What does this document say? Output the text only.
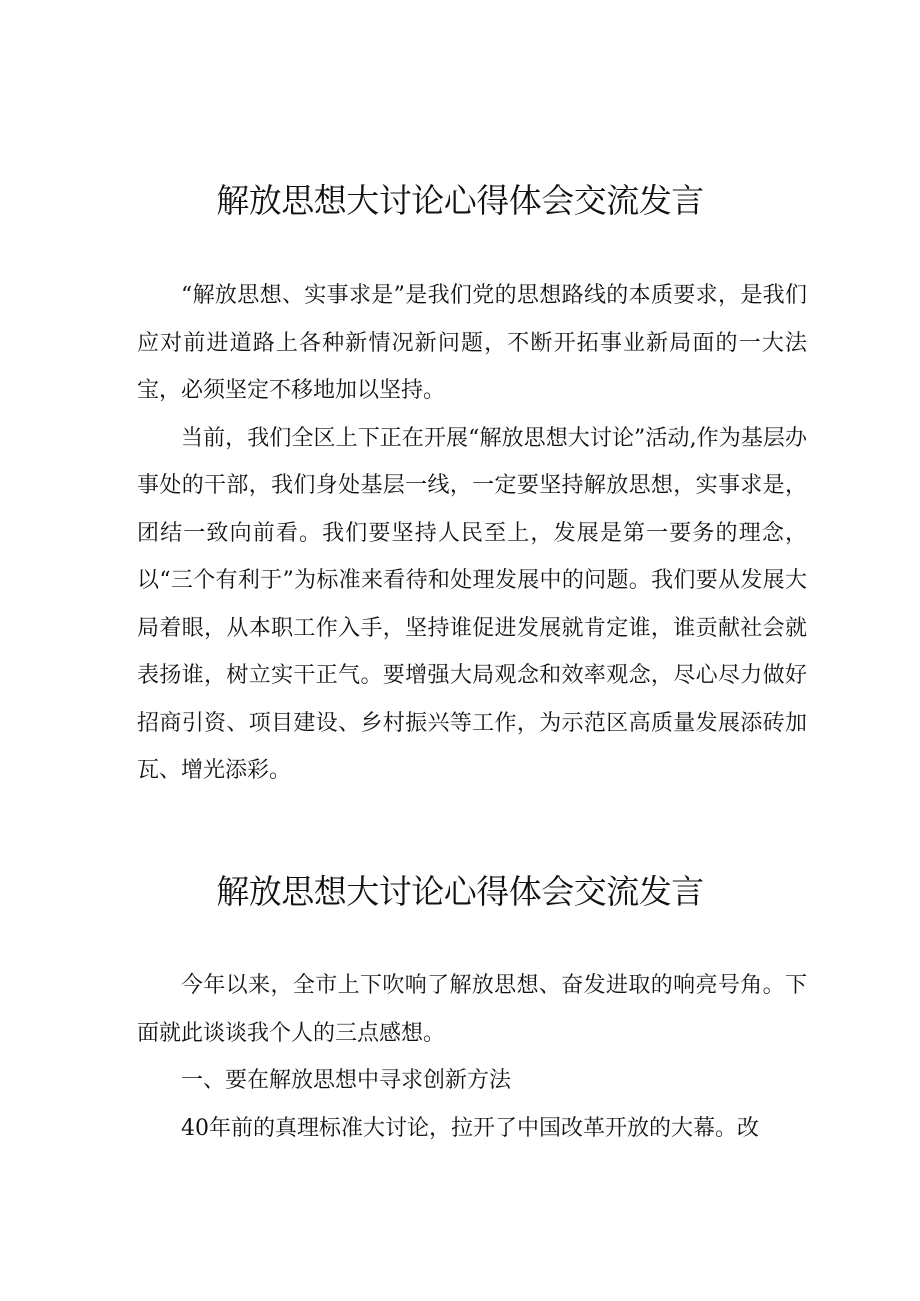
解放思想大讨论心得体会交流发言

“解放思想、实事求是”是我们党的思想路线的本质要求，是我们应对前进道路上各种新情况新问题，不断开拓事业新局面的一大法宝，必须坚定不移地加以坚持。

当前，我们全区上下正在开展“解放思想大讨论”活动,作为基层办事处的干部，我们身处基层一线，一定要坚持解放思想，实事求是，团结一致向前看。我们要坚持人民至上，发展是第一要务的理念，以“三个有利于”为标准来看待和处理发展中的问题。我们要从发展大局着眼，从本职工作入手，坚持谁促进发展就肯定谁，谁贡献社会就表扬谁，树立实干正气。要增强大局观念和效率观念，尽心尽力做好招商引资、项目建设、乡村振兴等工作，为示范区高质量发展添砖加瓦、增光添彩。

解放思想大讨论心得体会交流发言

今年以来，全市上下吹响了解放思想、奋发进取的响亮号角。下面就此谈谈我个人的三点感想。

一、要在解放思想中寻求创新方法

40年前的真理标准大讨论，拉开了中国改革开放的大幕。改
